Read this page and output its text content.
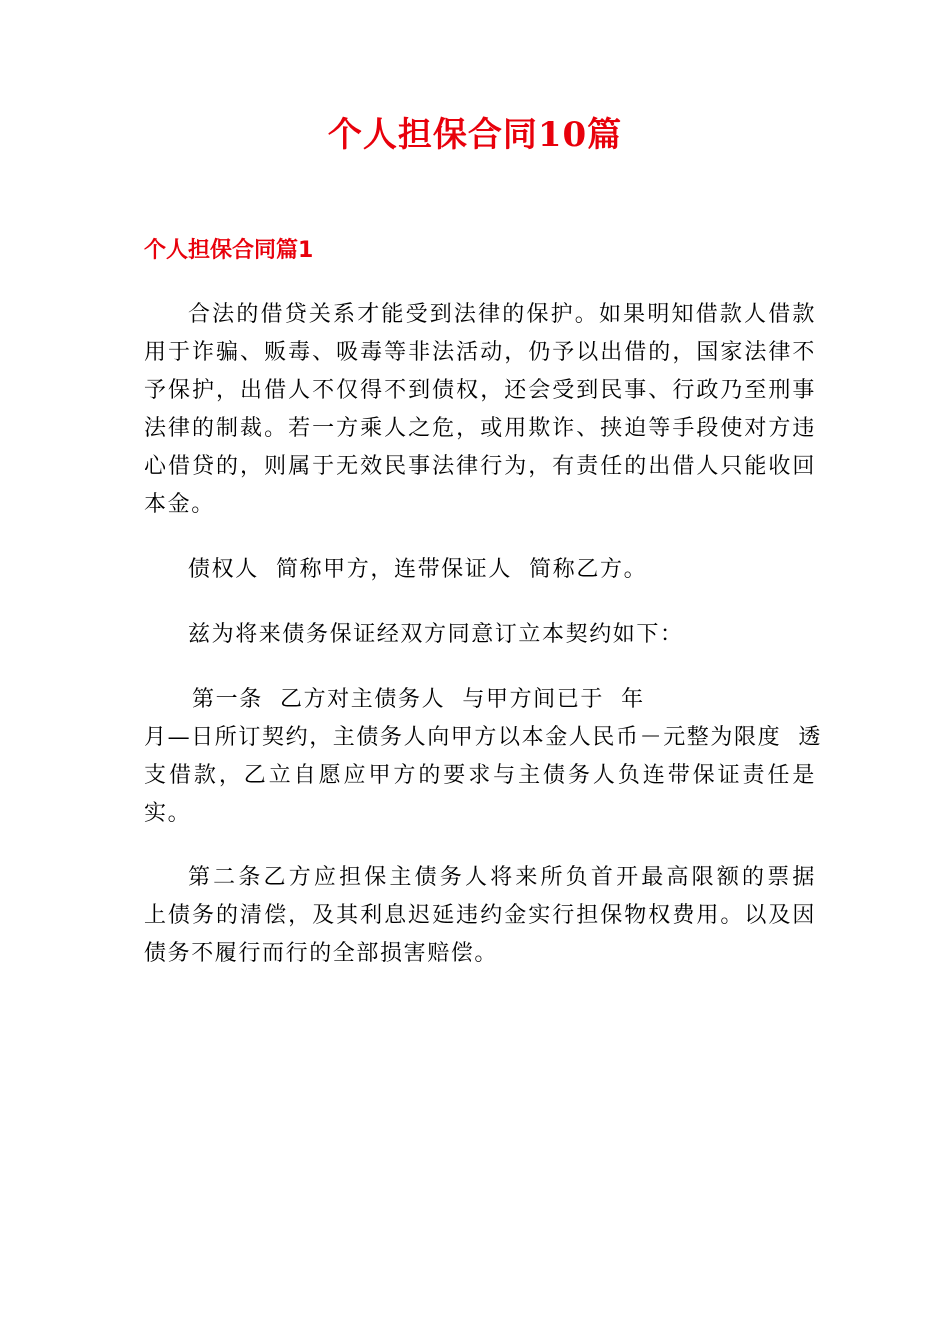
个人担保合同10篇
个人担保合同篇1

合法的借贷关系才能受到法律的保护。如果明知借款人借款用于诈骗、贩毒、吸毒等非法活动，仍予以出借的，国家法律不予保护，出借人不仅得不到债权，还会受到民事、行政乃至刑事法律的制裁。若一方乘人之危，或用欺诈、挟迫等手段使对方违心借贷的，则属于无效民事法律行为，有责任的出借人只能收回本金。

债权人  简称甲方，连带保证人  简称乙方。

兹为将来债务保证经双方同意订立本契约如下：

第一条  乙方对主债务人  与甲方间已于  年
月—日所订契约，主债务人向甲方以本金人民币－元整为限度  透
支借款，乙立自愿应甲方的要求与主债务人负连带保证责任是
实。

第二条乙方应担保主债务人将来所负首开最高限额的票据  上债务的清偿，及其利息迟延违约金实行担保物权费用。以及因  债务不履行而行的全部损害赔偿。
